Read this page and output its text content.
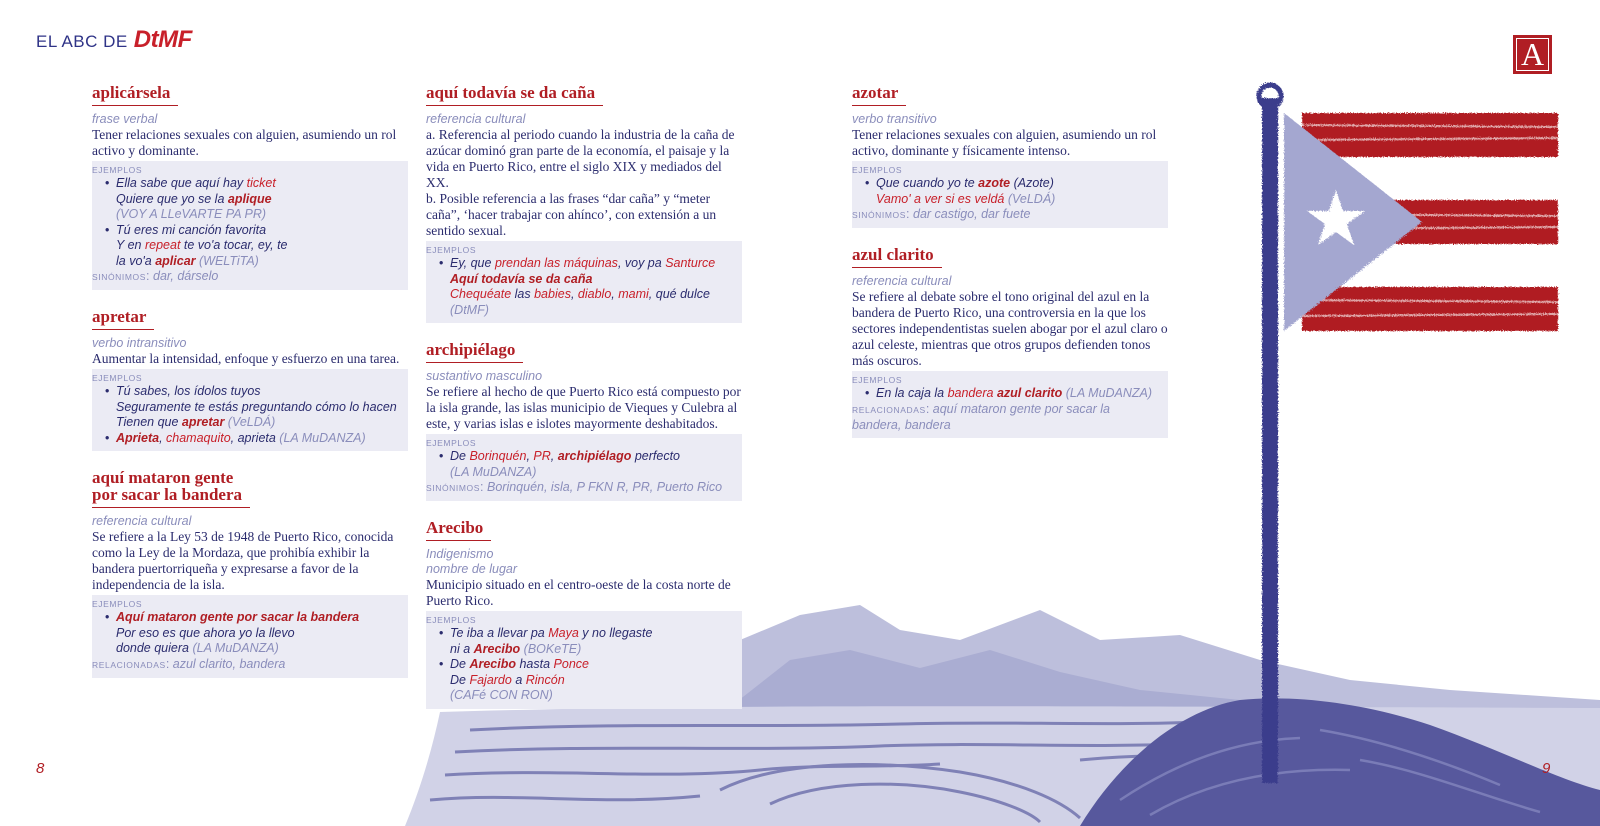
EL ABC DE DtMF	A
8	9
aplicársela
frase verbal
Tener relaciones sexuales con alguien, asumiendo un rol activo y dominante.
EJEMPLOS
• Ella sabe que aquí hay ticket
Quiere que yo se la aplique
(VOY A LLeVARTE PA PR)
• Tú eres mi canción favorita
Y en repeat te vo'a tocar, ey, te
la vo'a aplicar (WELTiTA)
SINÓNIMOS: dar, dárselo
apretar
verbo intransitivo
Aumentar la intensidad, enfoque y esfuerzo en una tarea.
EJEMPLOS
• Tú sabes, los ídolos tuyos
Seguramente te estás preguntando cómo lo hacen
Tienen que apretar (VeLDÁ)
• Aprieta, chamaquito, aprieta (LA MuDANZA)
aquí mataron gente
por sacar la bandera
referencia cultural
Se refiere a la Ley 53 de 1948 de Puerto Rico, conocida como la Ley de la Mordaza, que prohibía exhibir la bandera puertorriqueña y expresarse a favor de la independencia de la isla.
EJEMPLOS
• Aquí mataron gente por sacar la bandera
Por eso es que ahora yo la llevo
donde quiera (LA MuDANZA)
RELACIONADAS: azul clarito, bandera
aquí todavía se da caña
referencia cultural
a. Referencia al periodo cuando la industria de la caña de azúcar dominó gran parte de la economía, el paisaje y la vida en Puerto Rico, entre el siglo XIX y mediados del XX.
b. Posible referencia a las frases “dar caña” y “meter caña”, ‘hacer trabajar con ahínco’, con extensión a un sentido sexual.
EJEMPLOS
• Ey, que prendan las máquinas, voy pa Santurce
Aquí todavía se da caña
Chequéate las babies, diablo, mami, qué dulce
(DtMF)
archipiélago
sustantivo masculino
Se refiere al hecho de que Puerto Rico está compuesto por la isla grande, las islas municipio de Vieques y Culebra al este, y varias islas e islotes mayormente deshabitados.
EJEMPLOS
• De Borinquén, PR, archipiélago perfecto
(LA MuDANZA)
SINÓNIMOS: Borinquén, isla, P FKN R, PR, Puerto Rico
Arecibo
Indigenismo
nombre de lugar
Municipio situado en el centro-oeste de la costa norte de Puerto Rico.
EJEMPLOS
• Te iba a llevar pa Maya y no llegaste
ni a Arecibo (BOKeTE)
• De Arecibo hasta Ponce
De Fajardo a Rincón
(CAFé CON RON)
azotar
verbo transitivo
Tener relaciones sexuales con alguien, asumiendo un rol activo, dominante y físicamente intenso.
EJEMPLOS
• Que cuando yo te azote (Azote)
Vamo' a ver si es veldá (VeLDÁ)
SINÓNIMOS: dar castigo, dar fuete
azul clarito
referencia cultural
Se refiere al debate sobre el tono original del azul en la bandera de Puerto Rico, una controversia en la que los sectores independentistas suelen abogar por el azul claro o azul celeste, mientras que otros grupos defienden tonos más oscuros.
EJEMPLOS
• En la caja la bandera azul clarito (LA MuDANZA)
RELACIONADAS: aquí mataron gente por sacar la bandera, bandera
